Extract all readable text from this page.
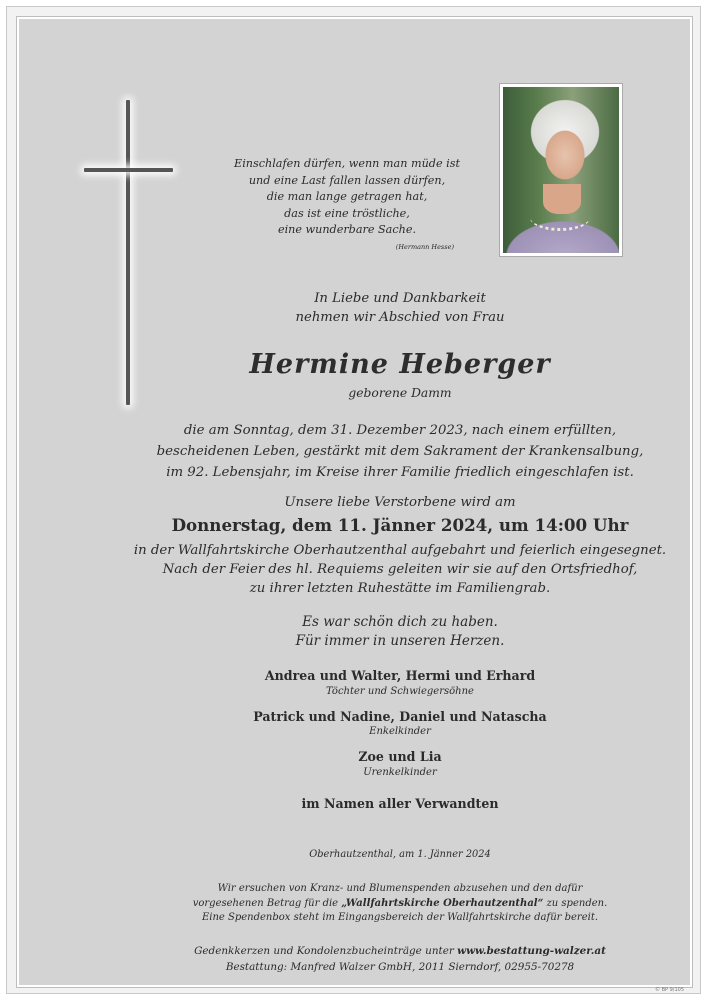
Einschlafen dürfen, wenn man müde ist
und eine Last fallen lassen dürfen,
die man lange getragen hat,
das ist eine tröstliche,
eine wunderbare Sache.
(Hermann Hesse)
In Liebe und Dankbarkeit
nehmen wir Abschied von Frau
Hermine Heberger
geborene Damm
die am Sonntag, dem 31. Dezember 2023, nach einem erfüllten,
bescheidenen Leben, gestärkt mit dem Sakrament der Krankensalbung,
im 92. Lebensjahr, im Kreise ihrer Familie friedlich eingeschlafen ist.
Unsere liebe Verstorbene wird am
Donnerstag, dem 11. Jänner 2024, um 14:00 Uhr
in der Wallfahrtskirche Oberhautzenthal aufgebahrt und feierlich eingesegnet.
Nach der Feier des hl. Requiems geleiten wir sie auf den Ortsfriedhof,
zu ihrer letzten Ruhestätte im Familiengrab.
Es war schön dich zu haben.
Für immer in unseren Herzen.
Andrea und Walter, Hermi und Erhard
Töchter und Schwiegersöhne
Patrick und Nadine, Daniel und Natascha
Enkelkinder
Zoe und Lia
Urenkelkinder
im Namen aller Verwandten
Oberhautzenthal, am 1. Jänner 2024
Wir ersuchen von Kranz- und Blumenspenden abzusehen und den dafür
vorgesehenen Betrag für die „Wallfahrtskirche Oberhautzenthal“ zu spenden.
Eine Spendenbox steht im Eingangsbereich der Wallfahrtskirche dafür bereit.
Gedenkkerzen und Kondolenzbucheinträge unter www.bestattung-walzer.at
Bestattung: Manfred Walzer GmbH, 2011 Sierndorf, 02955-70278
© BP 9/105
